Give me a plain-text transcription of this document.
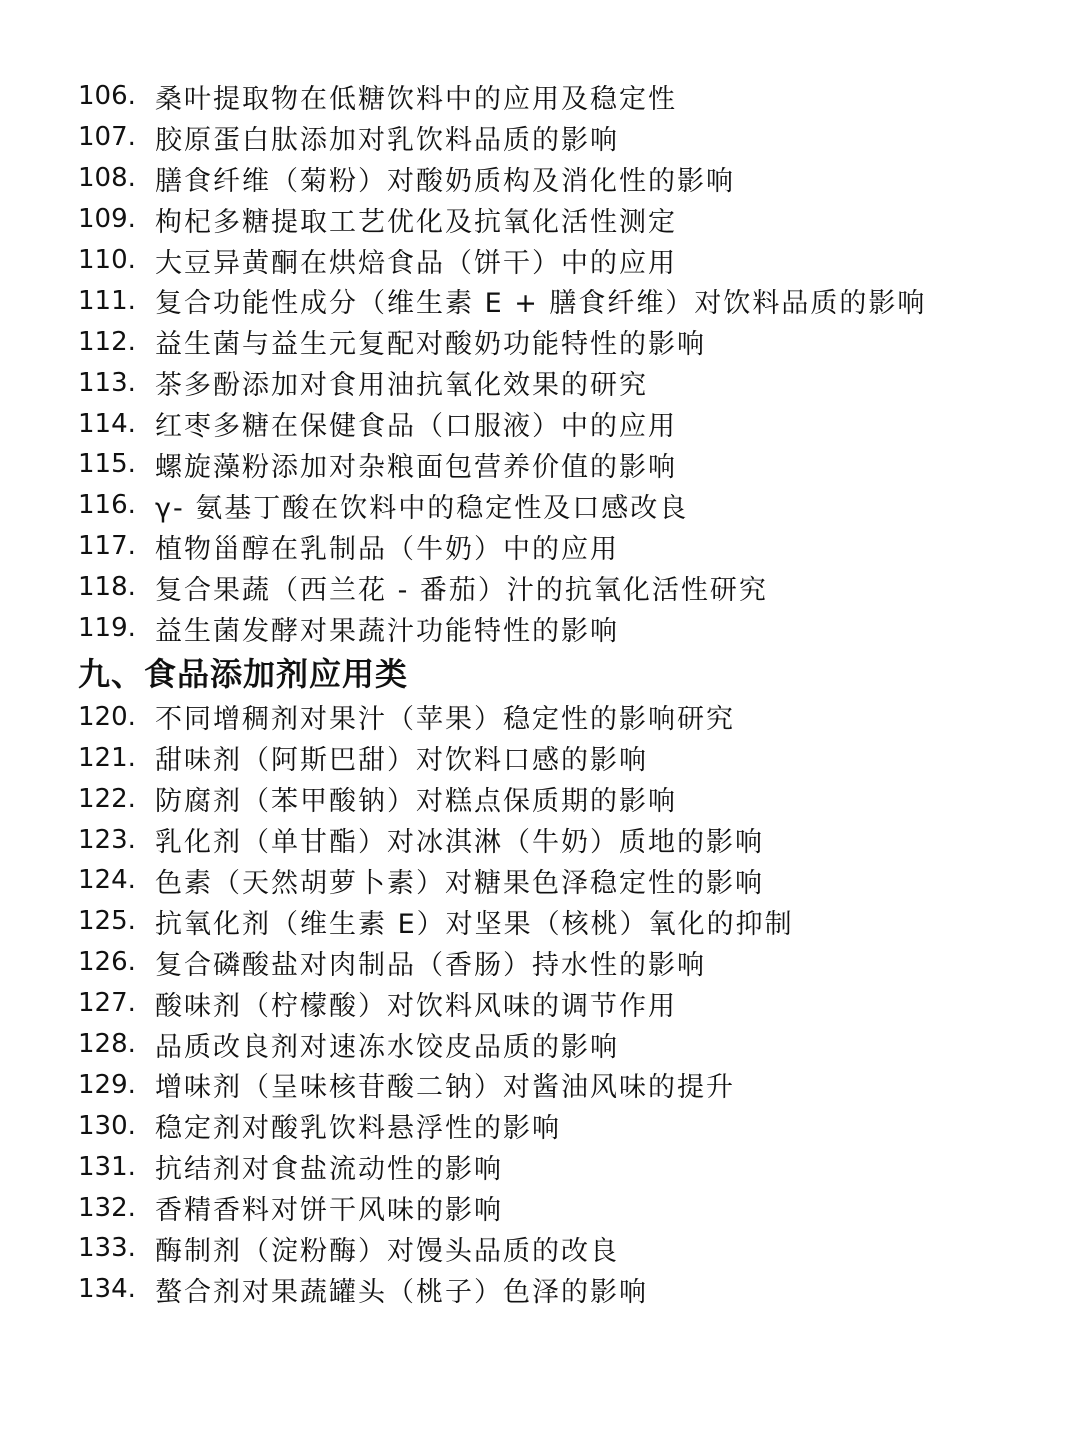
106. 桑叶提取物在低糖饮料中的应用及稳定性
107. 胶原蛋白肽添加对乳饮料品质的影响
108. 膳食纤维（菊粉）对酸奶质构及消化性的影响
109. 枸杞多糖提取工艺优化及抗氧化活性测定
110. 大豆异黄酮在烘焙食品（饼干）中的应用
111. 复合功能性成分（维生素 E + 膳食纤维）对饮料品质的影响
112. 益生菌与益生元复配对酸奶功能特性的影响
113. 茶多酚添加对食用油抗氧化效果的研究
114. 红枣多糖在保健食品（口服液）中的应用
115. 螺旋藻粉添加对杂粮面包营养价值的影响
116. γ- 氨基丁酸在饮料中的稳定性及口感改良
117. 植物甾醇在乳制品（牛奶）中的应用
118. 复合果蔬（西兰花 - 番茄）汁的抗氧化活性研究
119. 益生菌发酵对果蔬汁功能特性的影响
九、食品添加剂应用类
120. 不同增稠剂对果汁（苹果）稳定性的影响研究
121. 甜味剂（阿斯巴甜）对饮料口感的影响
122. 防腐剂（苯甲酸钠）对糕点保质期的影响
123. 乳化剂（单甘酯）对冰淇淋（牛奶）质地的影响
124. 色素（天然胡萝卜素）对糖果色泽稳定性的影响
125. 抗氧化剂（维生素 E）对坚果（核桃）氧化的抑制
126. 复合磷酸盐对肉制品（香肠）持水性的影响
127. 酸味剂（柠檬酸）对饮料风味的调节作用
128. 品质改良剂对速冻水饺皮品质的影响
129. 增味剂（呈味核苷酸二钠）对酱油风味的提升
130. 稳定剂对酸乳饮料悬浮性的影响
131. 抗结剂对食盐流动性的影响
132. 香精香料对饼干风味的影响
133. 酶制剂（淀粉酶）对馒头品质的改良
134. 螯合剂对果蔬罐头（桃子）色泽的影响
